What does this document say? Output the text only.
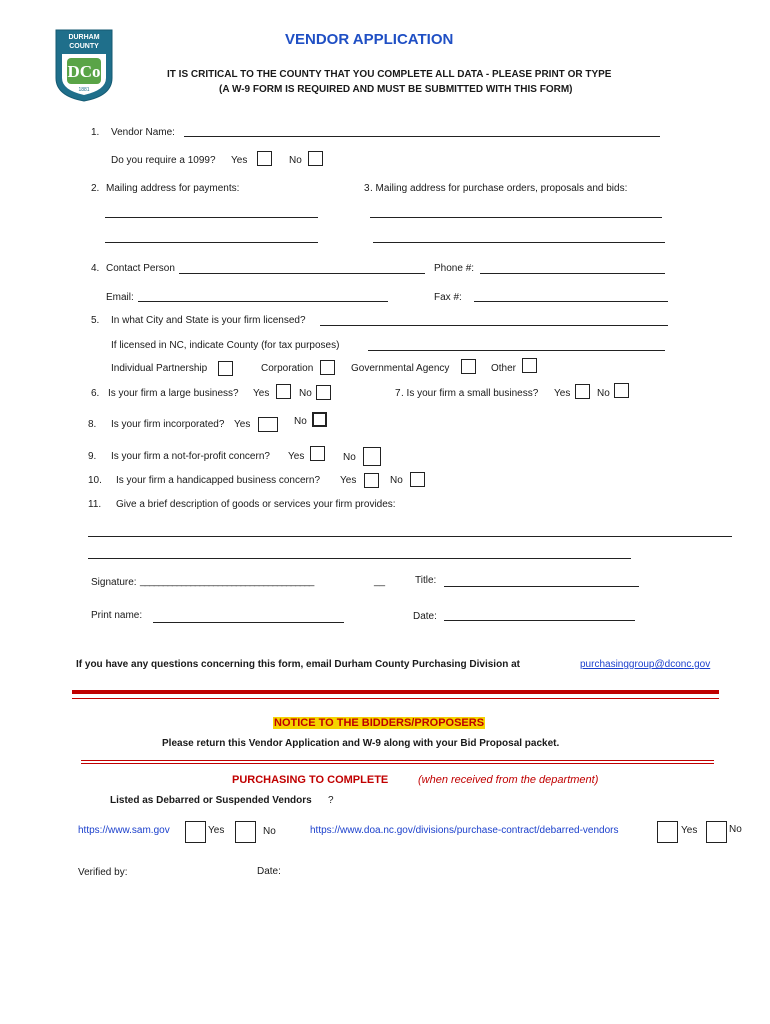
DCo
DURHAM
COUNTY
1881
VENDOR APPLICATION
IT IS CRITICAL TO THE COUNTY THAT YOU COMPLETE ALL DATA - PLEASE PRINT OR TYPE
(A W-9 FORM IS REQUIRED AND MUST BE SUBMITTED WITH THIS FORM)
1. Vendor Name:
Do you require a 1099? Yes	No
2. Mailing address for payments:	3 . Mailing address for purchase orders, proposals and bids:
4. Contact Person	Phone #:
Email:	Fax #:
5. In what City and State is your firm licensed?
If licensed in NC, indicate County (for tax purposes)
Individual Partnership	Corporation	Governmental Agency	Other
6. Is your firm a large business? Yes	No	7 . Is your firm a small business? Yes	No
8. Is your firm incorporated? Yes	No
9. Is your firm a not-for-profit concern? Yes	No
10. Is your firm a handicapped business concern? Yes	No
11. Give a brief description of goods or services your firm provides:
Signature: ______________________________________	__	Title:
Print name:	Date:
If you have any questions concerning this form, email Durham County Purchasing Division at	purchasinggroup@dconc.gov
NOTICE TO THE BIDDERS/PROPOSERS
Please return this Vendor Application and W-9 along with your Bid Proposal packet.
PURCHASING TO COMPLETE	(when received from the department)
Listed as Debarred or Suspended Vendors ?
https://www.sam.gov	Yes	No	https://www.doa.nc.gov/divisions/purchase-contract/debarred-vendors	Yes	No
Verified by:	Date:
